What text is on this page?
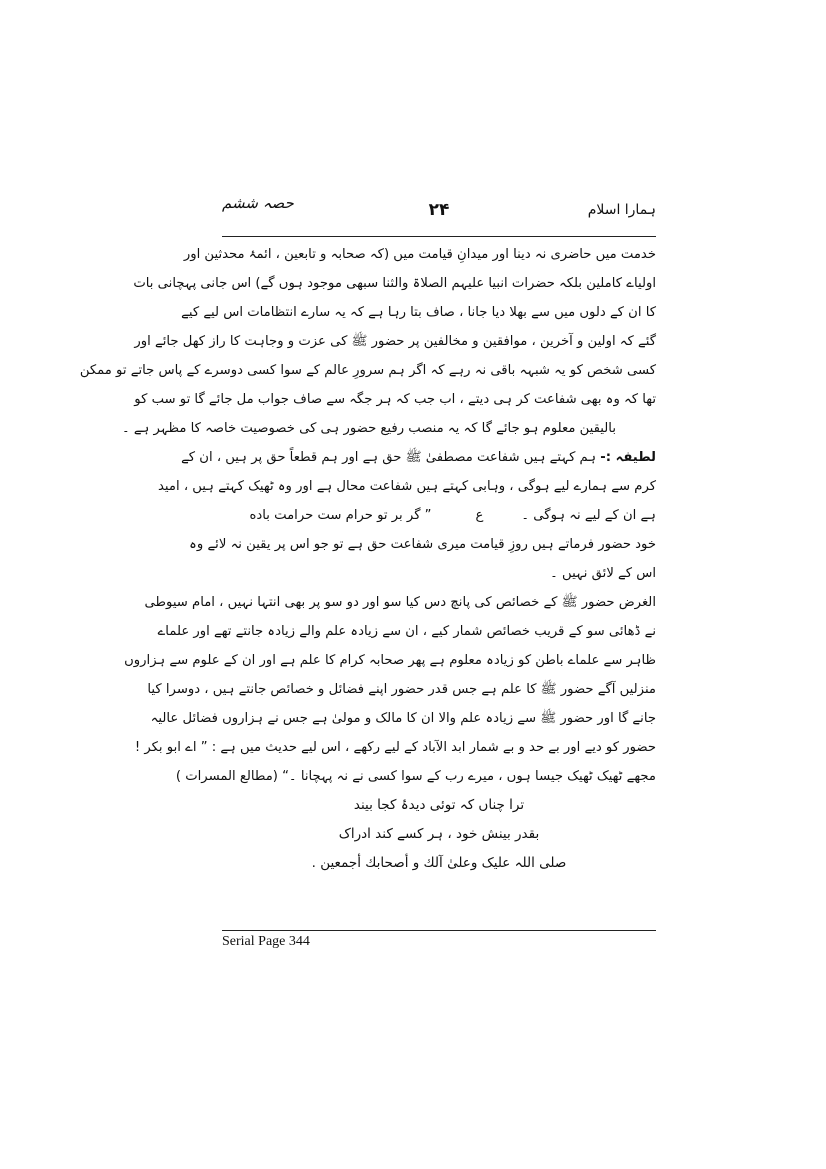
ہمارا اسلام
۲۴
حصہ ششم
خدمت میں حاضری نہ دینا اور میدانِ قیامت میں (کہ صحابہ و تابعین ، ائمۂ محدثین اور
اولیاے کاملین بلکہ حضرات انبیا علیہم الصلاۃ والثنا سبھی موجود ہوں گے) اس جانی پہچانی بات
کا ان کے دلوں میں سے بھلا دیا جانا ، صاف بتا رہا ہے کہ یہ سارے انتظامات اس لیے کیے
گئے کہ اولین و آخرین ، موافقین و مخالفین پر حضور ﷺ کی عزت و وجاہت کا راز کھل جائے اور
کسی شخص کو یہ شبہہ باقی نہ رہے کہ اگر ہم سرورِ عالم کے سوا کسی دوسرے کے پاس جاتے تو ممکن
تھا کہ وہ بھی شفاعت کر ہی دیتے ، اب جب کہ ہر جگہ سے صاف جواب مل جائے گا تو سب کو
بالیقین معلوم ہو جائے گا کہ یہ منصب رفیع حضور ہی کی خصوصیت خاصہ کا مظہر ہے ۔
لطیفہ :- ہم کہتے ہیں شفاعت مصطفیٰ ﷺ حق ہے اور ہم قطعاً حق پر ہیں ، ان کے
کرم سے ہمارے لیے ہوگی ، وہابی کہتے ہیں شفاعت محال ہے اور وہ ٹھیک کہتے ہیں ، امید
ہے ان کے لیے نہ ہوگی ۔
ع
” گر بر تو حرام ست حرامت باده
خود حضور فرماتے ہیں روزِ قیامت میری شفاعت حق ہے تو جو اس پر یقین نہ لائے وہ
اس کے لائق نہیں ۔
الغرض حضور ﷺ کے خصائص کی پانچ دس کیا سو اور دو سو پر بھی انتہا نہیں ، امام سیوطی
نے ڈھائی سو کے قریب خصائص شمار کیے ، ان سے زیادہ علم والے زیادہ جانتے تھے اور علماے
ظاہر سے علماے باطن کو زیادہ معلوم ہے پھر صحابہ کرام کا علم ہے اور ان کے علوم سے ہزاروں
منزلیں آگے حضور ﷺ کا علم ہے جس قدر حضور اپنے فضائل و خصائص جانتے ہیں ، دوسرا کیا
جانے گا اور حضور ﷺ سے زیادہ علم والا ان کا مالک و مولیٰ ہے جس نے ہزاروں فضائل عالیہ
حضور کو دیے اور بے حد و بے شمار ابد الآباد کے لیے رکھے ، اس لیے حدیث میں ہے : ” اے ابو بکر !
مجھے ٹھیک ٹھیک جیسا ہوں ، میرے رب کے سوا کسی نے نہ پہچانا ۔“ (مطالع المسرات )
ترا چناں کہ توئی دیدۂ کجا بیند
بقدر بینش خود ، ہر کسے کند ادراک
صلی اللہ علیک وعلیٰ آلك و أصحابك أجمعین .
Serial Page 344
